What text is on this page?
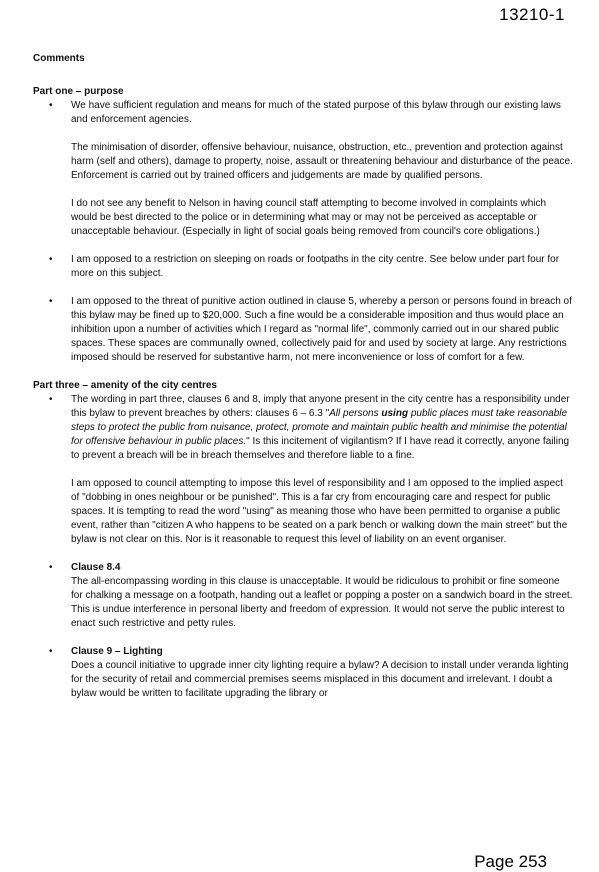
13210-1

Comments

Part one – purpose

• We have sufficient regulation and means for much of the stated purpose of this bylaw through our existing laws and enforcement agencies.

The minimisation of disorder, offensive behaviour, nuisance, obstruction, etc., prevention and protection against harm (self and others), damage to property, noise, assault or threatening behaviour and disturbance of the peace. Enforcement is carried out by trained officers and judgements are made by qualified persons.

I do not see any benefit to Nelson in having council staff attempting to become involved in complaints which would be best directed to the police or in determining what may or may not be perceived as acceptable or unacceptable behaviour. (Especially in light of social goals being removed from council's core obligations.)

• I am opposed to a restriction on sleeping on roads or footpaths in the city centre. See below under part four for more on this subject.

• I am opposed to the threat of punitive action outlined in clause 5, whereby a person or persons found in breach of this bylaw may be fined up to $20,000. Such a fine would be a considerable imposition and thus would place an inhibition upon a number of activities which I regard as "normal life", commonly carried out in our shared public spaces. These spaces are communally owned, collectively paid for and used by society at large. Any restrictions imposed should be reserved for substantive harm, not mere inconvenience or loss of comfort for a few.

Part three – amenity of the city centres

• The wording in part three, clauses 6 and 8, imply that anyone present in the city centre has a responsibility under this bylaw to prevent breaches by others: clauses 6 – 6.3 "All persons using public places must take reasonable steps to protect the public from nuisance, protect, promote and maintain public health and minimise the potential for offensive behaviour in public places." Is this incitement of vigilantism? If I have read it correctly, anyone failing to prevent a breach will be in breach themselves and therefore liable to a fine.

I am opposed to council attempting to impose this level of responsibility and I am opposed to the implied aspect of "dobbing in ones neighbour or be punished". This is a far cry from encouraging care and respect for public spaces. It is tempting to read the word "using" as meaning those who have been permitted to organise a public event, rather than "citizen A who happens to be seated on a park bench or walking down the main street" but the bylaw is not clear on this. Nor is it reasonable to request this level of liability on an event organiser.

• Clause 8.4

The all-encompassing wording in this clause is unacceptable. It would be ridiculous to prohibit or fine someone for chalking a message on a footpath, handing out a leaflet or popping a poster on a sandwich board in the street. This is undue interference in personal liberty and freedom of expression. It would not serve the public interest to enact such restrictive and petty rules.

• Clause 9 – Lighting

Does a council initiative to upgrade inner city lighting require a bylaw? A decision to install under veranda lighting for the security of retail and commercial premises seems misplaced in this document and irrelevant. I doubt a bylaw would be written to facilitate upgrading the library or

Page 253
